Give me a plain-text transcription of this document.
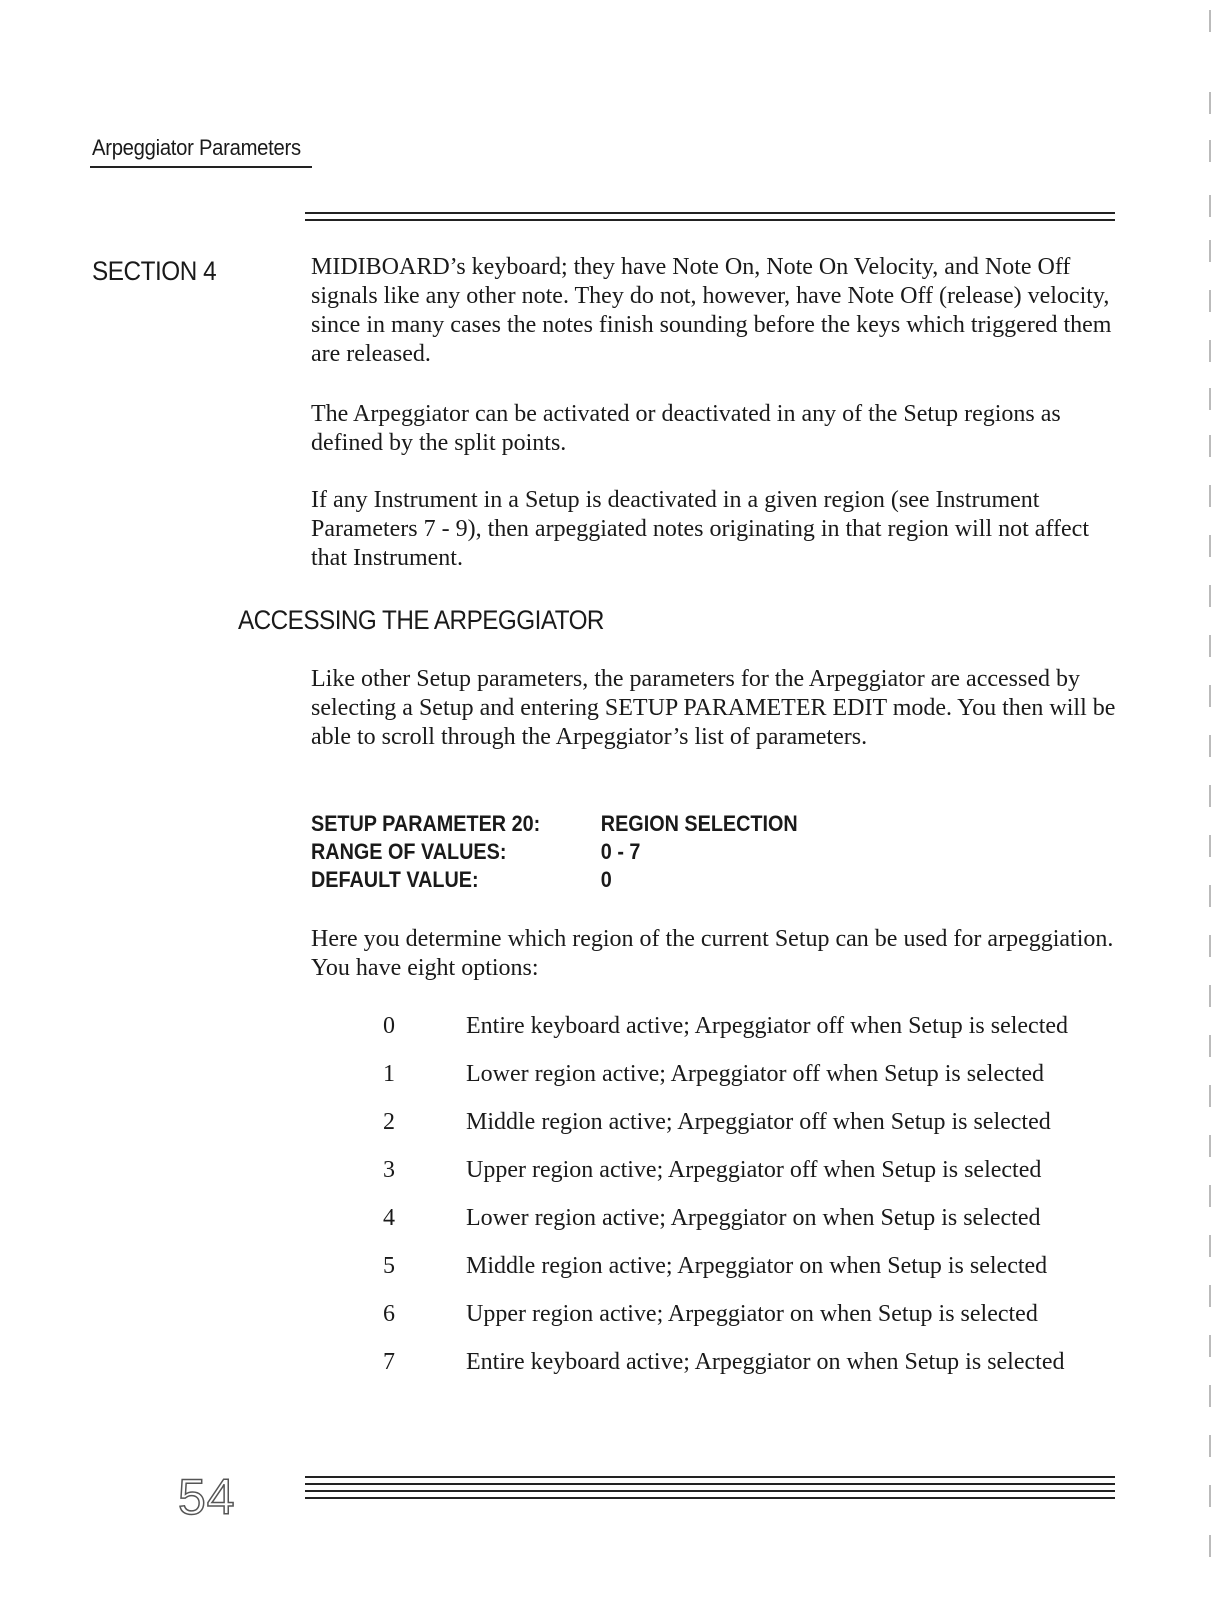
Arpeggiator Parameters
SECTION 4	MIDIBOARD’s keyboard; they have Note On, Note On Velocity, and Note Off signals like any other note. They do not, however, have Note Off (release) velocity, since in many cases the notes finish sounding before the keys which triggered them are released.
The Arpeggiator can be activated or deactivated in any of the Setup regions as defined by the split points.
If any Instrument in a Setup is deactivated in a given region (see Instrument Parameters 7 - 9), then arpeggiated notes originating in that region will not affect that Instrument.
ACCESSING THE ARPEGGIATOR
Like other Setup parameters, the parameters for the Arpeggiator are accessed by selecting a Setup and entering SETUP PARAMETER EDIT mode. You then will be able to scroll through the Arpeggiator’s list of parameters.
SETUP PARAMETER 20:	REGION SELECTION
RANGE OF VALUES:	0 - 7
DEFAULT VALUE:	0
Here you determine which region of the current Setup can be used for arpeggiation. You have eight options:
0	Entire keyboard active; Arpeggiator off when Setup is selected
1	Lower region active; Arpeggiator off when Setup is selected
2	Middle region active; Arpeggiator off when Setup is selected
3	Upper region active; Arpeggiator off when Setup is selected
4	Lower region active; Arpeggiator on when Setup is selected
5	Middle region active; Arpeggiator on when Setup is selected
6	Upper region active; Arpeggiator on when Setup is selected
7	Entire keyboard active; Arpeggiator on when Setup is selected
54
